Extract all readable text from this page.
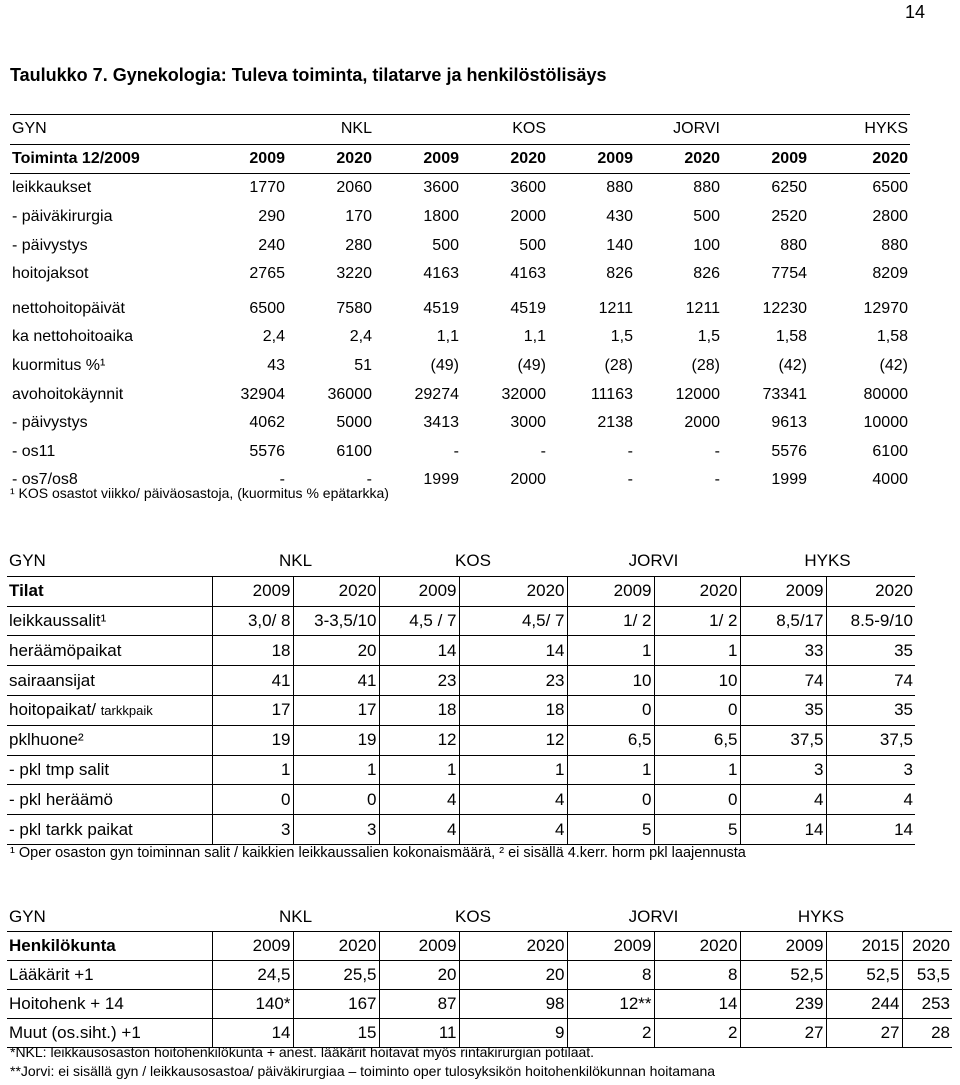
14
Taulukko 7. Gynekologia: Tuleva toiminta, tilatarve ja henkilöstölisäys
GYN	NKL		KOS		JORVI		HYKS	
Toiminta 12/2009	2009	2020	2009	2020	2009	2020	2009	2020
leikkaukset	1770	2060	3600	3600	880	880	6250	6500
- päiväkirurgia	290	170	1800	2000	430	500	2520	2800
- päivystys	240	280	500	500	140	100	880	880
hoitojaksot	2765	3220	4163	4163	826	826	7754	8209
nettohoitopäivät	6500	7580	4519	4519	1211	1211	12230	12970
ka nettohoitoaika	2,4	2,4	1,1	1,1	1,5	1,5	1,58	1,58
kuormitus %¹	43	51	(49)	(49)	(28)	(28)	(42)	(42)
avohoitokäynnit	32904	36000	29274	32000	11163	12000	73341	80000
- päivystys	4062	5000	3413	3000	2138	2000	9613	10000
- os11	5576	6100	-	-	-	-	5576	6100
- os7/os8	-	-	1999	2000	-	-	1999	4000
¹ KOS osastot viikko/ päiväosastoja, (kuormitus % epätarkka)
GYN	NKL		KOS		JORVI		HYKS	
Tilat	2009	2020	2009	2020	2009	2020	2009	2020
leikkaussalit¹	3,0/ 8	3-3,5/10	4,5 / 7	4,5/ 7	1/ 2	1/ 2	8,5/17	8.5-9/10
heräämöpaikat	18	20	14	14	1	1	33	35
sairaansijat	41	41	23	23	10	10	74	74
hoitopaikat/ tarkkpaik	17	17	18	18	0	0	35	35
pklhuone²	19	19	12	12	6,5	6,5	37,5	37,5
- pkl tmp salit	1	1	1	1	1	1	3	3
- pkl heräämö	0	0	4	4	0	0	4	4
- pkl tarkk paikat	3	3	4	4	5	5	14	14
¹ Oper osaston gyn toiminnan salit / kaikkien leikkaussalien kokonaismäärä, ² ei sisällä 4.kerr. horm pkl laajennusta
GYN	NKL		KOS		JORVI		HYKS		
Henkilökunta	2009	2020	2009	2020	2009	2020	2009	2015	2020
Lääkärit +1	24,5	25,5	20	20	8	8	52,5	52,5	53,5
Hoitohenk + 14	140*	167	87	98	12**	14	239	244	253
Muut (os.siht.) +1	14	15	11	9	2	2	27	27	28
*NKL: leikkausosaston hoitohenkilökunta + anest. lääkärit hoitavat myös rintakirurgian potilaat.
**Jorvi: ei sisällä gyn / leikkausosastoa/ päiväkirurgiaa – toiminto oper tulosyksikön hoitohenkilökunnan hoitamana
